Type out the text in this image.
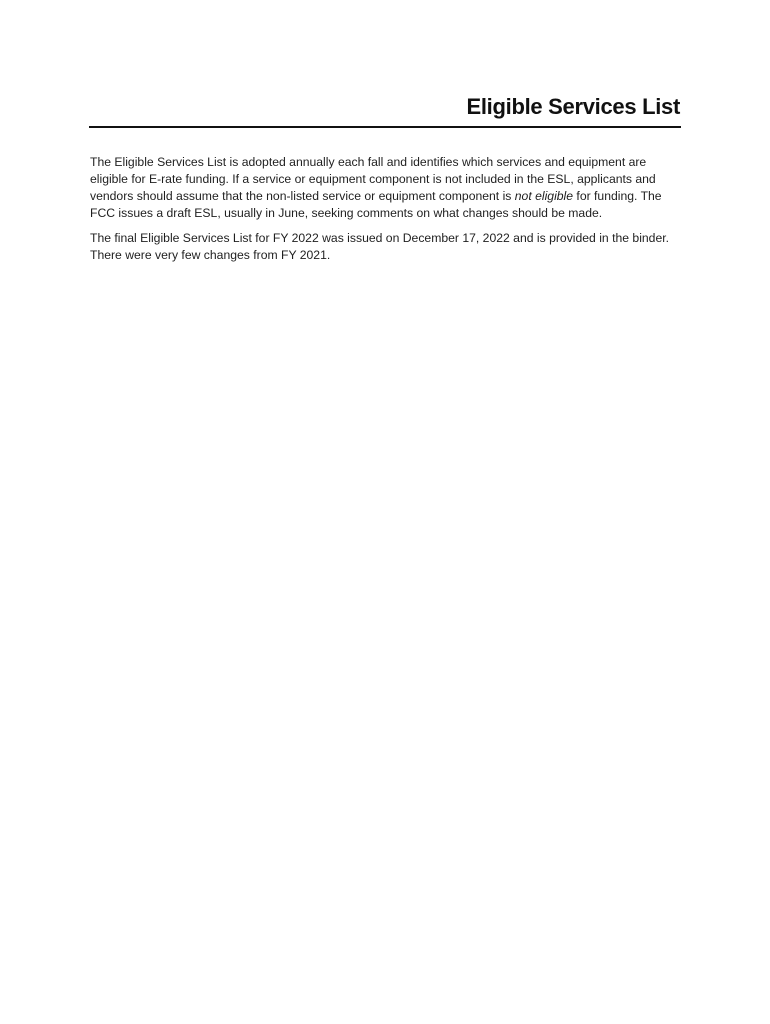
Eligible Services List

The Eligible Services List is adopted annually each fall and identifies which services and equipment are eligible for E-rate funding. If a service or equipment component is not included in the ESL, applicants and vendors should assume that the non-listed service or equipment component is not eligible for funding. The FCC issues a draft ESL, usually in June, seeking comments on what changes should be made.

The final Eligible Services List for FY 2022 was issued on December 17, 2022 and is provided in the binder. There were very few changes from FY 2021.
